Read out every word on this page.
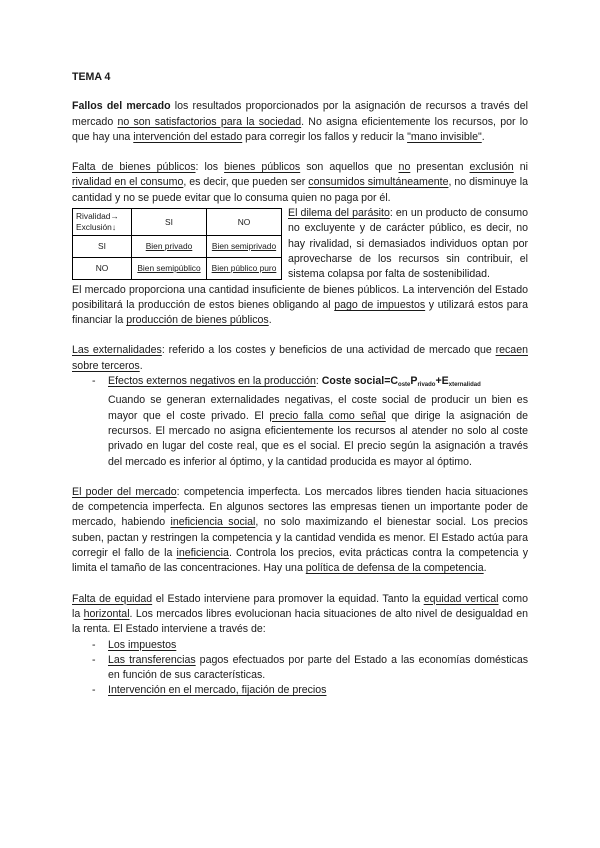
TEMA 4

Fallos del mercado los resultados proporcionados por la asignación de recursos a través del mercado no son satisfactorios para la sociedad. No asigna eficientemente los recursos, por lo que hay una intervención del estado para corregir los fallos y reducir la "mano invisible".

Falta de bienes públicos: los bienes públicos son aquellos que no presentan exclusión ni rivalidad en el consumo, es decir, que pueden ser consumidos simultáneamente, no disminuye la cantidad y no se puede evitar que lo consuma quien no paga por él.

Rivalidad→ Exclusión↓	SI	NO
SI	Bien privado	Bien semiprivado
NO	Bien semipúblico	Bien público puro

El dilema del parásito: en un producto de consumo no excluyente y de carácter público, es decir, no hay rivalidad, si demasiados individuos optan por aprovecharse de los recursos sin contribuir, el sistema colapsa por falta de sostenibilidad.

El mercado proporciona una cantidad insuficiente de bienes públicos. La intervención del Estado posibilitará la producción de estos bienes obligando al pago de impuestos y utilizará estos para financiar la producción de bienes públicos.

Las externalidades: referido a los costes y beneficios de una actividad de mercado que recaen sobre terceros.

- Efectos externos negativos en la producción: Coste $social=C_{oste}P_{rivado}+E_{xternalidad}$
Cuando se generan externalidades negativas, el coste social de producir un bien es mayor que el coste privado. El precio falla como señal que dirige la asignación de recursos. El mercado no asigna eficientemente los recursos al atender no solo al coste privado en lugar del coste real, que es el social. El precio según la asignación a través del mercado es inferior al óptimo, y la cantidad producida es mayor al óptimo.

El poder del mercado: competencia imperfecta. Los mercados libres tienden hacia situaciones de competencia imperfecta. En algunos sectores las empresas tienen un importante poder de mercado, habiendo ineficiencia social, no solo maximizando el bienestar social. Los precios suben, pactan y restringen la competencia y la cantidad vendida es menor. El Estado actúa para corregir el fallo de la ineficiencia. Controla los precios, evita prácticas contra la competencia y limita el tamaño de las concentraciones. Hay una política de defensa de la competencia.

Falta de equidad el Estado interviene para promover la equidad. Tanto la equidad vertical como la horizontal. Los mercados libres evolucionan hacia situaciones de alto nivel de desigualdad en la renta. El Estado interviene a través de:

- Los impuestos
- Las transferencias pagos efectuados por parte del Estado a las economías domésticas en función de sus características.
- Intervención en el mercado, fijación de precios
